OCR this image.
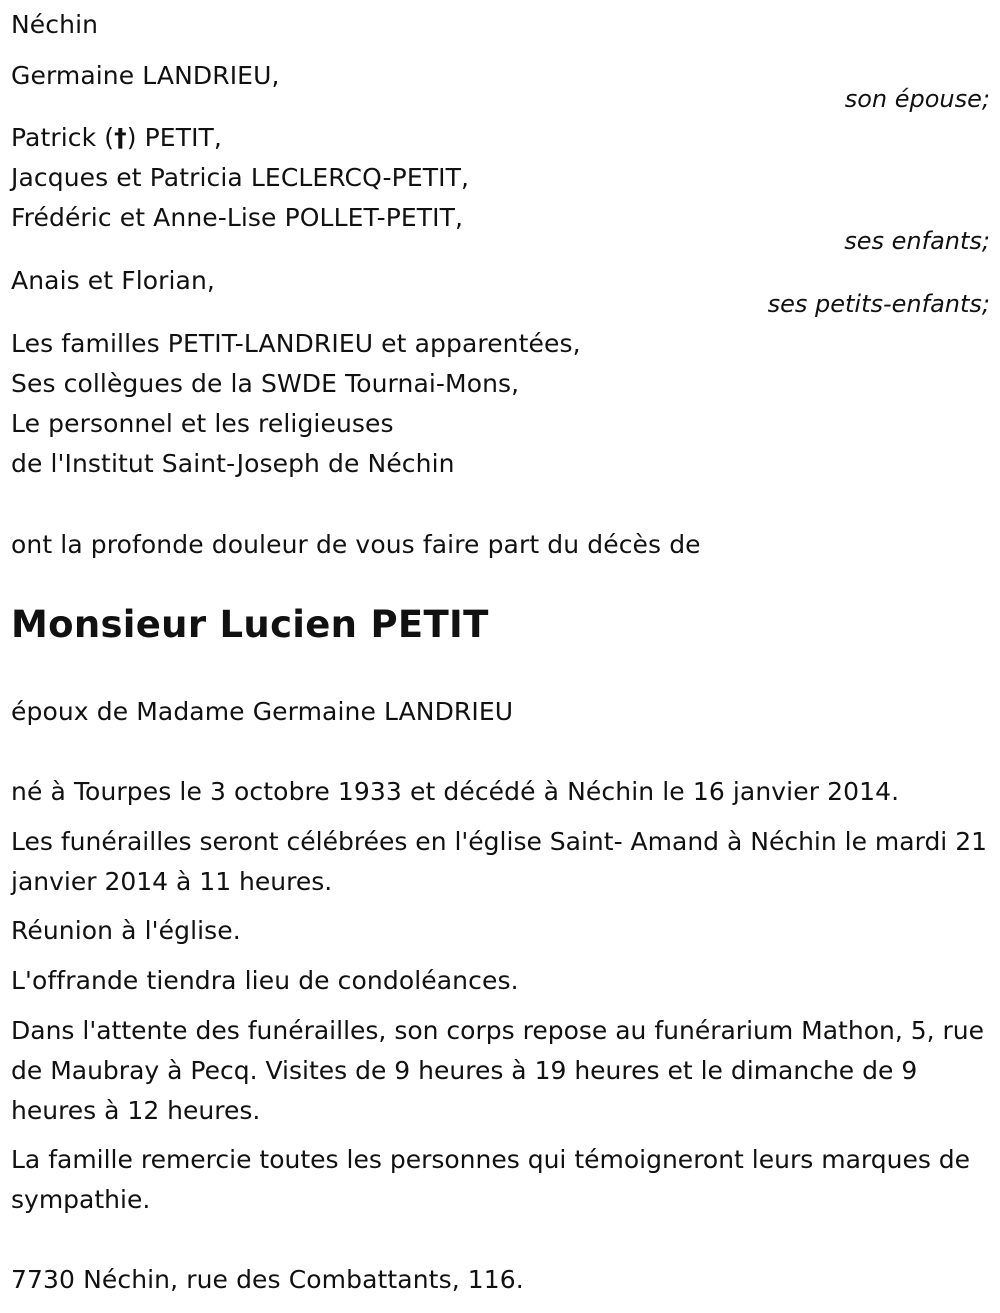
Néchin
Germaine LANDRIEU,
son épouse;
Patrick (†) PETIT,
Jacques et Patricia LECLERCQ-PETIT,
Frédéric et Anne-Lise POLLET-PETIT,
ses enfants;
Anais et Florian,
ses petits-enfants;
Les familles PETIT-LANDRIEU et apparentées,
Ses collègues de la SWDE Tournai-Mons,
Le personnel et les religieuses
de l'Institut Saint-Joseph de Néchin
ont la profonde douleur de vous faire part du décès de
Monsieur Lucien PETIT
époux de Madame Germaine LANDRIEU
né à Tourpes le 3 octobre 1933 et décédé à Néchin le 16 janvier 2014.
Les funérailles seront célébrées en l'église Saint- Amand à Néchin le mardi 21 janvier 2014 à 11 heures.
Réunion à l'église.
L'offrande tiendra lieu de condoléances.
Dans l'attente des funérailles, son corps repose au funérarium Mathon, 5, rue de Maubray à Pecq. Visites de 9 heures à 19 heures et le dimanche de 9 heures à 12 heures.
La famille remercie toutes les personnes qui témoigneront leurs marques de sympathie.
7730 Néchin, rue des Combattants, 116.
